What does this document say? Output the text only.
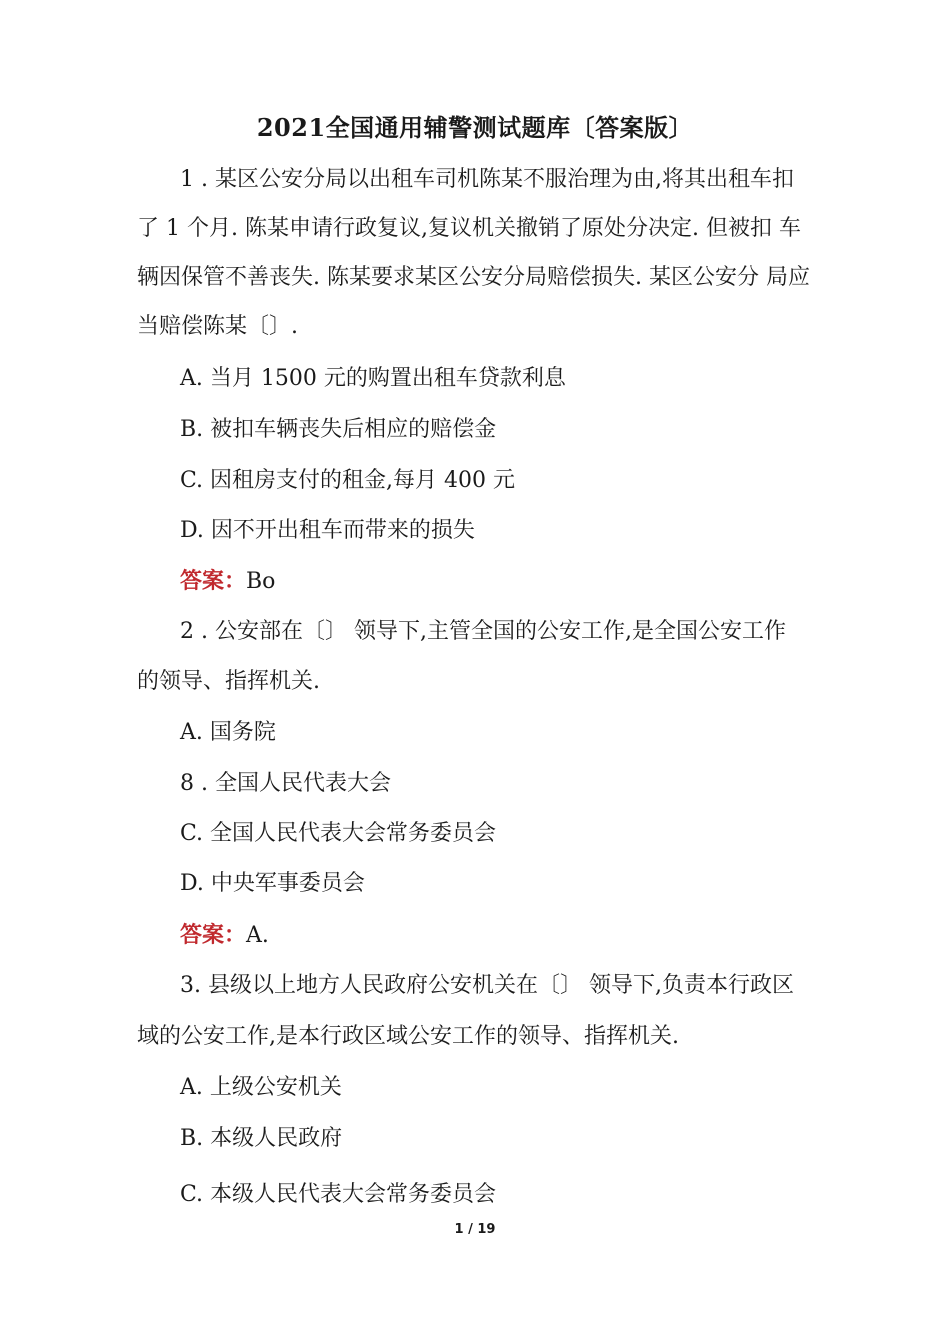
2021全国通用辅警测试题库〔答案版〕
1 . 某区公安分局以出租车司机陈某不服治理为由,将其出租车扣
了 1 个月. 陈某申请行政复议,复议机关撤销了原处分决定. 但被扣 车
辆因保管不善丧失. 陈某要求某区公安分局赔偿损失. 某区公安分 局应
当赔偿陈某〔〕.
A. 当月 1500 元的购置出租车贷款利息
B. 被扣车辆丧失后相应的赔偿金
C. 因租房支付的租金,每月 400 元
D. 因不开出租车而带来的损失
答案：Bo
2 . 公安部在〔〕 领导下,主管全国的公安工作,是全国公安工作
的领导、指挥机关.
A. 国务院
8 . 全国人民代表大会
C. 全国人民代表大会常务委员会
D. 中央军事委员会
答案：A.
3. 县级以上地方人民政府公安机关在〔〕 领导下,负责本行政区
域的公安工作,是本行政区域公安工作的领导、指挥机关.
A. 上级公安机关
B. 本级人民政府
C. 本级人民代表大会常务委员会
1 / 19
